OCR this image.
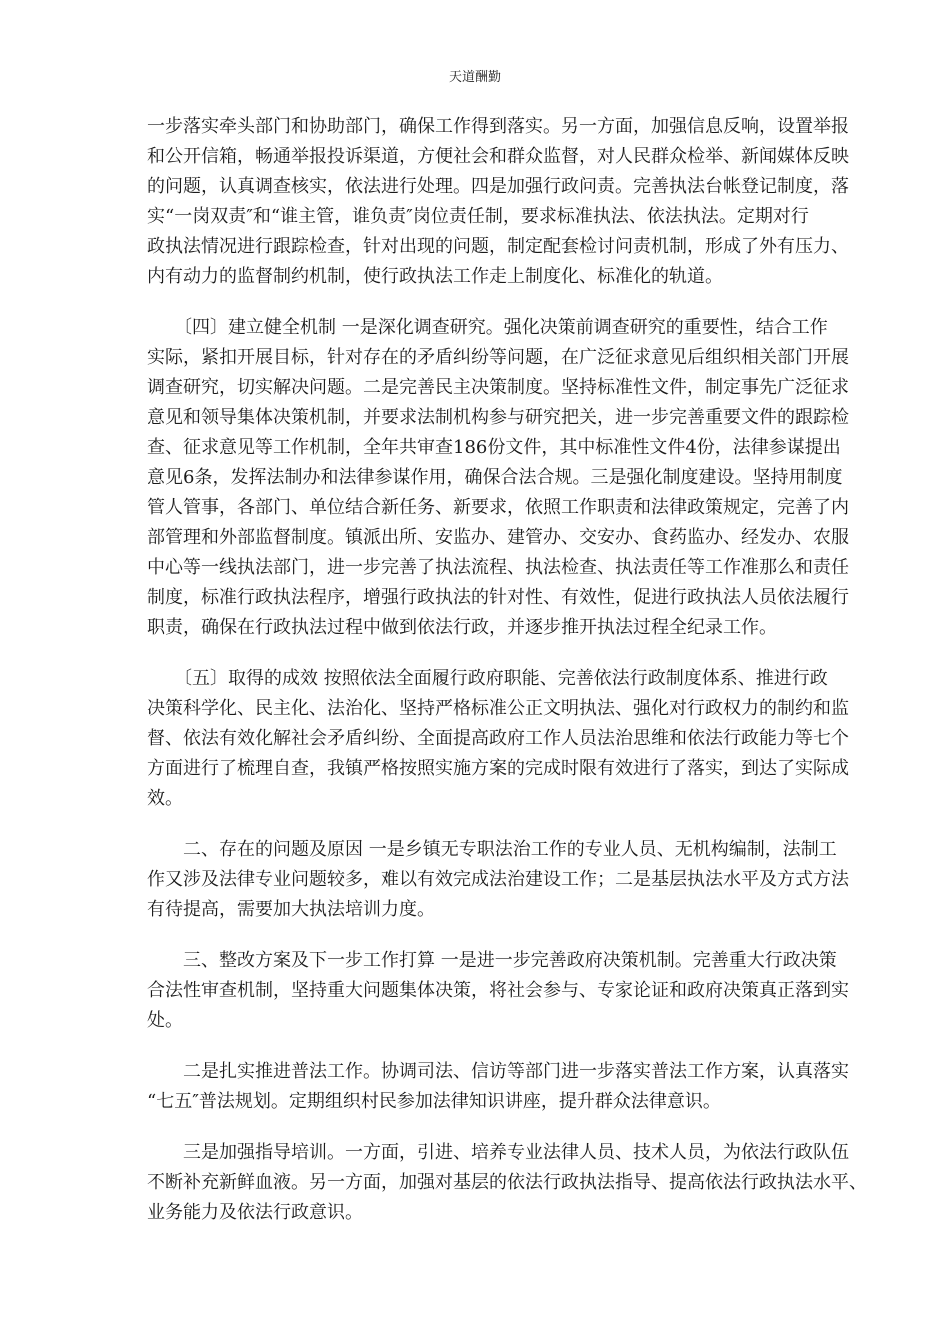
天道酬勤
一步落实牵头部门和协助部门，确保工作得到落实。另一方面，加强信息反响，设置举报
和公开信箱，畅通举报投诉渠道，方便社会和群众监督，对人民群众检举、新闻媒体反映
的问题，认真调查核实，依法进行处理。四是加强行政问责。完善执法台帐登记制度，落
实“一岗双责″和“谁主管，谁负责″岗位责任制，要求标准执法、依法执法。定期对行
政执法情况进行跟踪检查，针对出现的问题，制定配套检讨问责机制，形成了外有压力、
内有动力的监督制约机制，使行政执法工作走上制度化、标准化的轨道。
　　〔四〕建立健全机制 一是深化调查研究。强化决策前调查研究的重要性，结合工作
实际，紧扣开展目标，针对存在的矛盾纠纷等问题，在广泛征求意见后组织相关部门开展
调查研究，切实解决问题。二是完善民主决策制度。坚持标准性文件，制定事先广泛征求
意见和领导集体决策机制，并要求法制机构参与研究把关，进一步完善重要文件的跟踪检
查、征求意见等工作机制，全年共审查186份文件，其中标准性文件4份，法律参谋提出
意见6条，发挥法制办和法律参谋作用，确保合法合规。三是强化制度建设。坚持用制度
管人管事，各部门、单位结合新任务、新要求，依照工作职责和法律政策规定，完善了内
部管理和外部监督制度。镇派出所、安监办、建管办、交安办、食药监办、经发办、农服
中心等一线执法部门，进一步完善了执法流程、执法检查、执法责任等工作准那么和责任
制度，标准行政执法程序，增强行政执法的针对性、有效性，促进行政执法人员依法履行
职责，确保在行政执法过程中做到依法行政，并逐步推开执法过程全纪录工作。
　　〔五〕取得的成效 按照依法全面履行政府职能、完善依法行政制度体系、推进行政
决策科学化、民主化、法治化、坚持严格标准公正文明执法、强化对行政权力的制约和监
督、依法有效化解社会矛盾纠纷、全面提高政府工作人员法治思维和依法行政能力等七个
方面进行了梳理自查，我镇严格按照实施方案的完成时限有效进行了落实，到达了实际成
效。
　　二、存在的问题及原因 一是乡镇无专职法治工作的专业人员、无机构编制，法制工
作又涉及法律专业问题较多，难以有效完成法治建设工作；二是基层执法水平及方式方法
有待提高，需要加大执法培训力度。
　　三、整改方案及下一步工作打算 一是进一步完善政府决策机制。完善重大行政决策
合法性审查机制，坚持重大问题集体决策，将社会参与、专家论证和政府决策真正落到实
处。
　　二是扎实推进普法工作。协调司法、信访等部门进一步落实普法工作方案，认真落实
“七五″普法规划。定期组织村民参加法律知识讲座，提升群众法律意识。
　　三是加强指导培训。一方面，引进、培养专业法律人员、技术人员，为依法行政队伍
不断补充新鲜血液。另一方面，加强对基层的依法行政执法指导、提高依法行政执法水平、
业务能力及依法行政意识。
